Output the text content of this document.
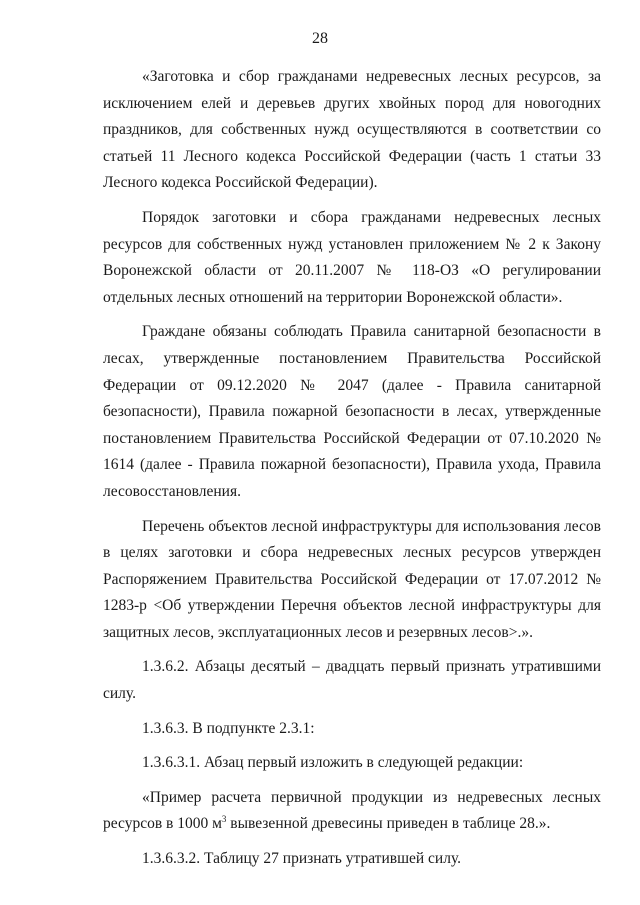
28

«Заготовка и сбор гражданами недревесных лесных ресурсов, за исключением елей и деревьев других хвойных пород для новогодних праздников, для собственных нужд осуществляются в соответствии со статьей 11 Лесного кодекса Российской Федерации (часть 1 статьи 33 Лесного кодекса Российской Федерации).

Порядок заготовки и сбора гражданами недревесных лесных ресурсов для собственных нужд установлен приложением № 2 к Закону Воронежской области от 20.11.2007 № 118-ОЗ «О регулировании отдельных лесных отношений на территории Воронежской области».

Граждане обязаны соблюдать Правила санитарной безопасности в лесах, утвержденные постановлением Правительства Российской Федерации от 09.12.2020 № 2047 (далее - Правила санитарной безопасности), Правила пожарной безопасности в лесах, утвержденные постановлением Правительства Российской Федерации от 07.10.2020 № 1614 (далее - Правила пожарной безопасности), Правила ухода, Правила лесовосстановления.

Перечень объектов лесной инфраструктуры для использования лесов в целях заготовки и сбора недревесных лесных ресурсов утвержден Распоряжением Правительства Российской Федерации от 17.07.2012 № 1283-р <Об утверждении Перечня объектов лесной инфраструктуры для защитных лесов, эксплуатационных лесов и резервных лесов>.».

1.3.6.2. Абзацы десятый – двадцать первый признать утратившими силу.

1.3.6.3. В подпункте 2.3.1:

1.3.6.3.1. Абзац первый изложить в следующей редакции:

«Пример расчета первичной продукции из недревесных лесных ресурсов в 1000 $м^3$ вывезенной древесины приведен в таблице 28.».

1.3.6.3.2. Таблицу 27 признать утратившей силу.
